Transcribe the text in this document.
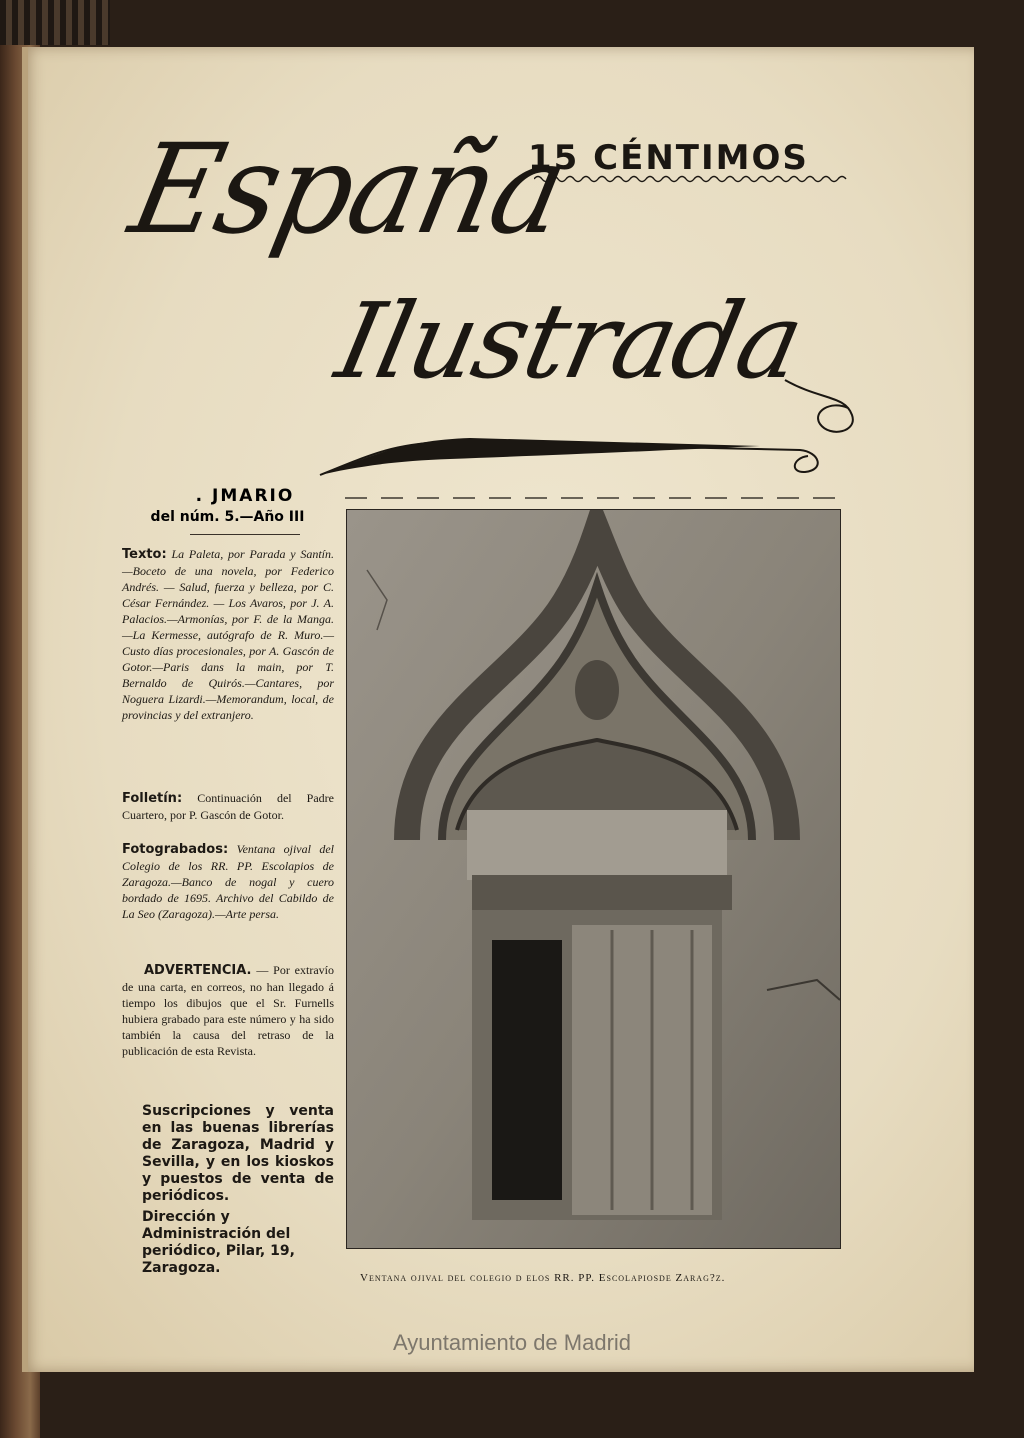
España
Ilustrada
15 CÉNTIMOS
. JMARIO
del núm. 5.—Año III

Texto: La Paleta, por Parada y Santín.—Boceto de una novela, por Federico Andrés. — Salud, fuerza y belleza, por C. César Fernández. — Los Avaros, por J. A. Palacios.—Armonías, por F. de la Manga.—La Kermesse, autógrafo de R. Muro.—Custo días procesionales, por A. Gascón de Gotor.—Paris dans la main, por T. Bernaldo de Quirós.—Cantares, por Noguera Lizardi.—Memorandum, local, de provincias y del extranjero.

Folletín: Continuación del Padre Cuartero, por P. Gascón de Gotor.

Fotograbados: Ventana ojival del Colegio de los RR. PP. Escolapios de Zaragoza.—Banco de nogal y cuero bordado de 1695. Archivo del Cabildo de La Seo (Zaragoza).—Arte persa.

ADVERTENCIA. — Por extravío de una carta, en correos, no han llegado á tiempo los dibujos que el Sr. Furnells hubiera grabado para este número y ha sido también la causa del retraso de la publicación de esta Revista.

Suscripciones y venta en las buenas librerías de Zaragoza, Madrid y Sevilla, y en los kioskos y puestos de venta de periódicos.

Dirección y Administración del periódico, Pilar, 19, Zaragoza.

Ventana ojival del colegio d elos RR. PP. Escolapiosde Zarag?z.
Ayuntamiento de Madrid
